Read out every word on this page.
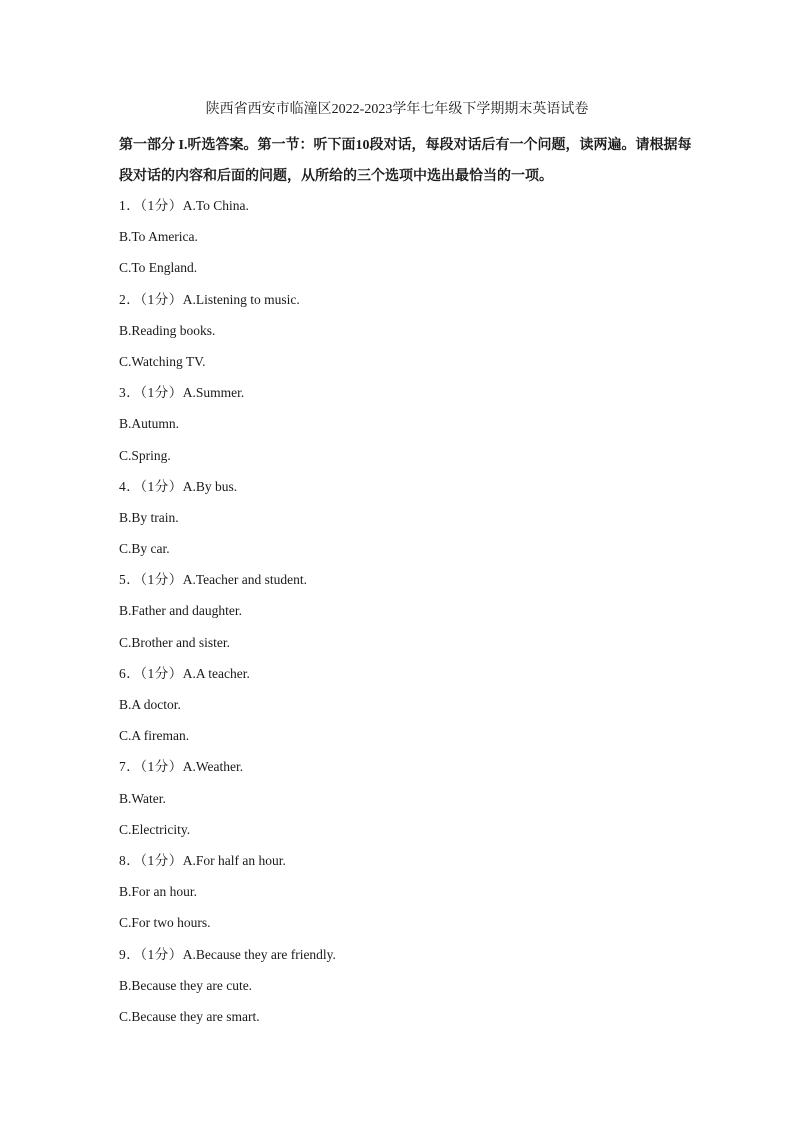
陕西省西安市临潼区2022-2023学年七年级下学期期末英语试卷
第一部分 I.听选答案。第一节：听下面10段对话，每段对话后有一个问题，读两遍。请根据每段对话的内容和后面的问题，从所给的三个选项中选出最恰当的一项。
1．（1分）A.To China.
B.To America.
C.To England.
2．（1分）A.Listening to music.
B.Reading books.
C.Watching TV.
3．（1分）A.Summer.
B.Autumn.
C.Spring.
4．（1分）A.By bus.
B.By train.
C.By car.
5．（1分）A.Teacher and student.
B.Father and daughter.
C.Brother and sister.
6．（1分）A.A teacher.
B.A doctor.
C.A fireman.
7．（1分）A.Weather.
B.Water.
C.Electricity.
8．（1分）A.For half an hour.
B.For an hour.
C.For two hours.
9．（1分）A.Because they are friendly.
B.Because they are cute.
C.Because they are smart.
